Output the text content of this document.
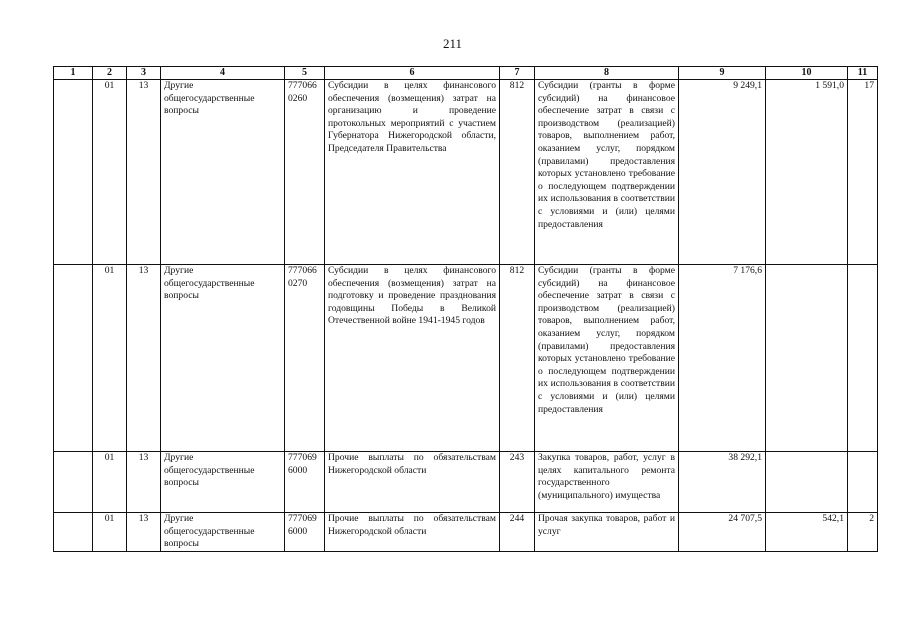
211
1	2	3	4	5	6	7	8	9	10	11
	01	13	Другие общегосударственные вопросы	777066 0260	Субсидии в целях финансового обеспечения (возмещения) затрат на организацию и проведение протокольных мероприятий с участием Губернатора Нижегородской области, Председателя Правительства	812	Субсидии (гранты в форме субсидий) на финансовое обеспечение затрат в связи с производством (реализацией) товаров, выполнением работ, оказанием услуг, порядком (правилами) предоставления которых установлено требование о последующем подтверждении их использования в соответствии с условиями и (или) целями предоставления	9 249,1	1 591,0	17
	01	13	Другие общегосударственные вопросы	777066 0270	Субсидии в целях финансового обеспечения (возмещения) затрат на подготовку и проведение празднования годовщины Победы в Великой Отечественной войне 1941-1945 годов	812	Субсидии (гранты в форме субсидий) на финансовое обеспечение затрат в связи с производством (реализацией) товаров, выполнением работ, оказанием услуг, порядком (правилами) предоставления которых установлено требование о последующем подтверждении их использования в соответствии с условиями и (или) целями предоставления	7 176,6		
	01	13	Другие общегосударственные вопросы	777069 6000	Прочие выплаты по обязательствам Нижегородской области	243	Закупка товаров, работ, услуг в целях капитального ремонта государственного (муниципального) имущества	38 292,1		
	01	13	Другие общегосударственные вопросы	777069 6000	Прочие выплаты по обязательствам Нижегородской области	244	Прочая закупка товаров, работ и услуг	24 707,5	542,1	2
